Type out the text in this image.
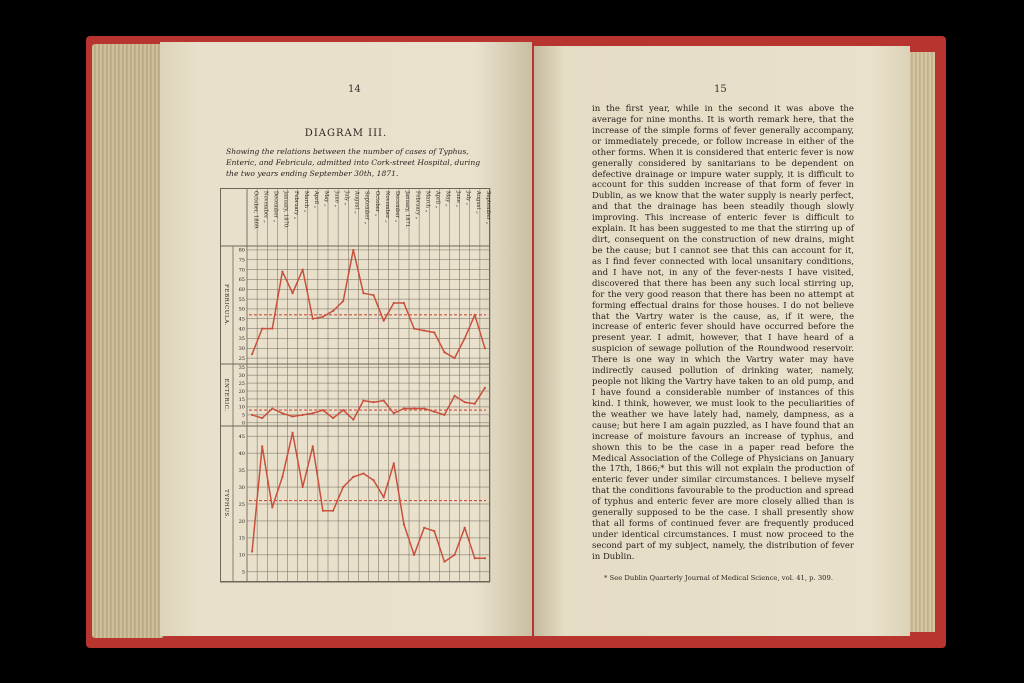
14
DIAGRAM III.
Showing the relations between the number of cases of Typhus, Enteric, and Febricula, admitted into Cork-street Hospital, during the two years ending September 30th, 1871.
October, 1869. November „ December „ January, 1870. February „ March „ April „ May „ June „ July „ August „ September „ October „ November „ December „ January, 1871. February „ March „ April „ May „ June „ July „ August „ September „
25
30
35
40
45
50
55
60
65
70
75
80
FEBRICULA.
0
5
10
15
20
25
30
35
ENTERIC.
5
10
15
20
25
30
35
40
45
TYPHUS.
15

in the first year, while in the second it was above the average for nine months. It is worth remark here, that the increase of the simple forms of fever generally accompany, or immediately precede, or follow increase in either of the other forms. When it is considered that enteric fever is now generally considered by sanitarians to be dependent on defective drainage or impure water supply, it is difficult to account for this sudden increase of that form of fever in Dublin, as we know that the water supply is nearly perfect, and that the drainage has been steadily though slowly improving. This increase of enteric fever is difficult to explain. It has been suggested to me that the stirring up of dirt, consequent on the construction of new drains, might be the cause; but I cannot see that this can account for it, as I find fever connected with local unsanitary conditions, and I have not, in any of the fever-nests I have visited, discovered that there has been any such local stirring up, for the very good reason that there has been no attempt at forming effectual drains for those houses. I do not believe that the Vartry water is the cause, as, if it were, the increase of enteric fever should have occurred before the present year. I admit, however, that I have heard of a suspicion of sewage pollution of the Roundwood reservoir. There is one way in which the Vartry water may have indirectly caused pollution of drinking water, namely, people not liking the Vartry have taken to an old pump, and I have found a considerable number of instances of this kind. I think, however, we must look to the peculiarities of the weather we have lately had, namely, dampness, as a cause; but here I am again puzzled, as I have found that an increase of moisture favours an increase of typhus, and shown this to be the case in a paper read before the Medical Association of the College of Physicians on January the 17th, 1866;* but this will not explain the production of enteric fever under similar circumstances. I believe myself that the conditions favourable to the production and spread of typhus and enteric fever are more closely allied than is generally supposed to be the case. I shall presently show that all forms of continued fever are frequently produced under identical circumstances. I must now proceed to the second part of my subject, namely, the distribution of fever in Dublin.

* See Dublin Quarterly Journal of Medical Science, vol. 41, p. 309.
